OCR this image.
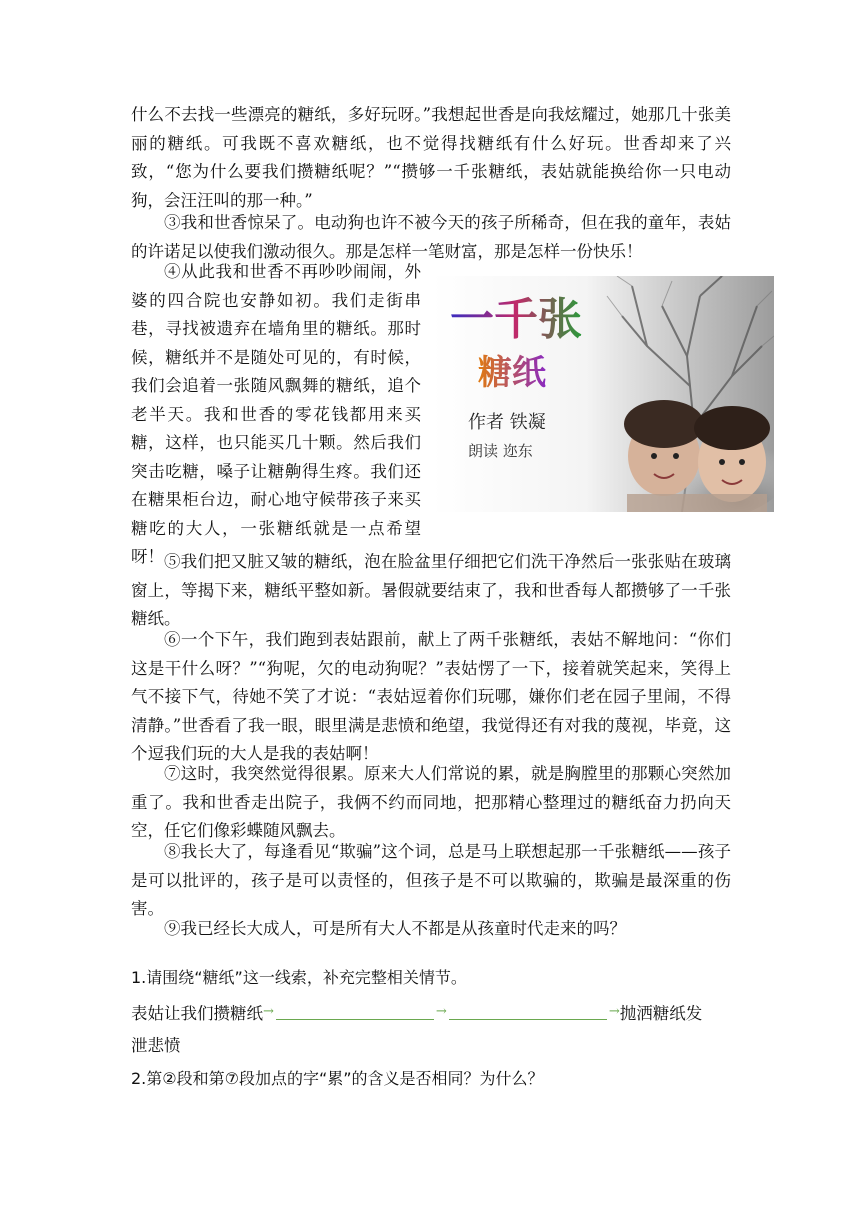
什么不去找一些漂亮的糖纸，多好玩呀。”我想起世香是向我炫耀过，她那几十张美丽的糖纸。可我既不喜欢糖纸，也不觉得找糖纸有什么好玩。世香却来了兴致，“您为什么要我们攒糖纸呢？”“攒够一千张糖纸，表姑就能换给你一只电动狗，会汪汪叫的那一种。”

③我和世香惊呆了。电动狗也许不被今天的孩子所稀奇，但在我的童年，表姑的许诺足以使我们激动很久。那是怎样一笔财富，那是怎样一份快乐！

④从此我和世香不再吵吵闹闹，外婆的四合院也安静如初。我们走街串巷，寻找被遗弃在墙角里的糖纸。那时候，糖纸并不是随处可见的，有时候，我们会追着一张随风飘舞的糖纸，追个老半天。我和世香的零花钱都用来买糖，这样，也只能买几十颗。然后我们突击吃糖，嗓子让糖齁得生疼。我们还在糖果柜台边，耐心地守候带孩子来买糖吃的大人，一张糖纸就是一点希望呀！

一千张
糖纸
作者 铁凝
朗读 迩东

⑤我们把又脏又皱的糖纸，泡在脸盆里仔细把它们洗干净然后一张张贴在玻璃窗上，等揭下来，糖纸平整如新。暑假就要结束了，我和世香每人都攒够了一千张糖纸。

⑥一个下午，我们跑到表姑跟前，献上了两千张糖纸，表姑不解地问：“你们这是干什么呀？”“狗呢，欠的电动狗呢？”表姑愣了一下，接着就笑起来，笑得上气不接下气，待她不笑了才说：“表姑逗着你们玩哪，嫌你们老在园子里闹，不得清静。”世香看了我一眼，眼里满是悲愤和绝望，我觉得还有对我的蔑视，毕竟，这个逗我们玩的大人是我的表姑啊！

⑦这时，我突然觉得很累。原来大人们常说的累，就是胸膛里的那颗心突然加重了。我和世香走出院子，我俩不约而同地，把那精心整理过的糖纸奋力扔向天空，任它们像彩蝶随风飘去。

⑧我长大了，每逢看见“欺骗”这个词，总是马上联想起那一千张糖纸——孩子是可以批评的，孩子是可以责怪的，但孩子是不可以欺骗的，欺骗是最深重的伤害。

⑨我已经长大成人，可是所有大人不都是从孩童时代走来的吗？

1.请围绕“糖纸”这一线索，补充完整相关情节。

表姑让我们攒糖纸 →	→	→ 抛洒糖纸发

泄悲愤

2.第②段和第⑦段加点的字“累”的含义是否相同？为什么？
